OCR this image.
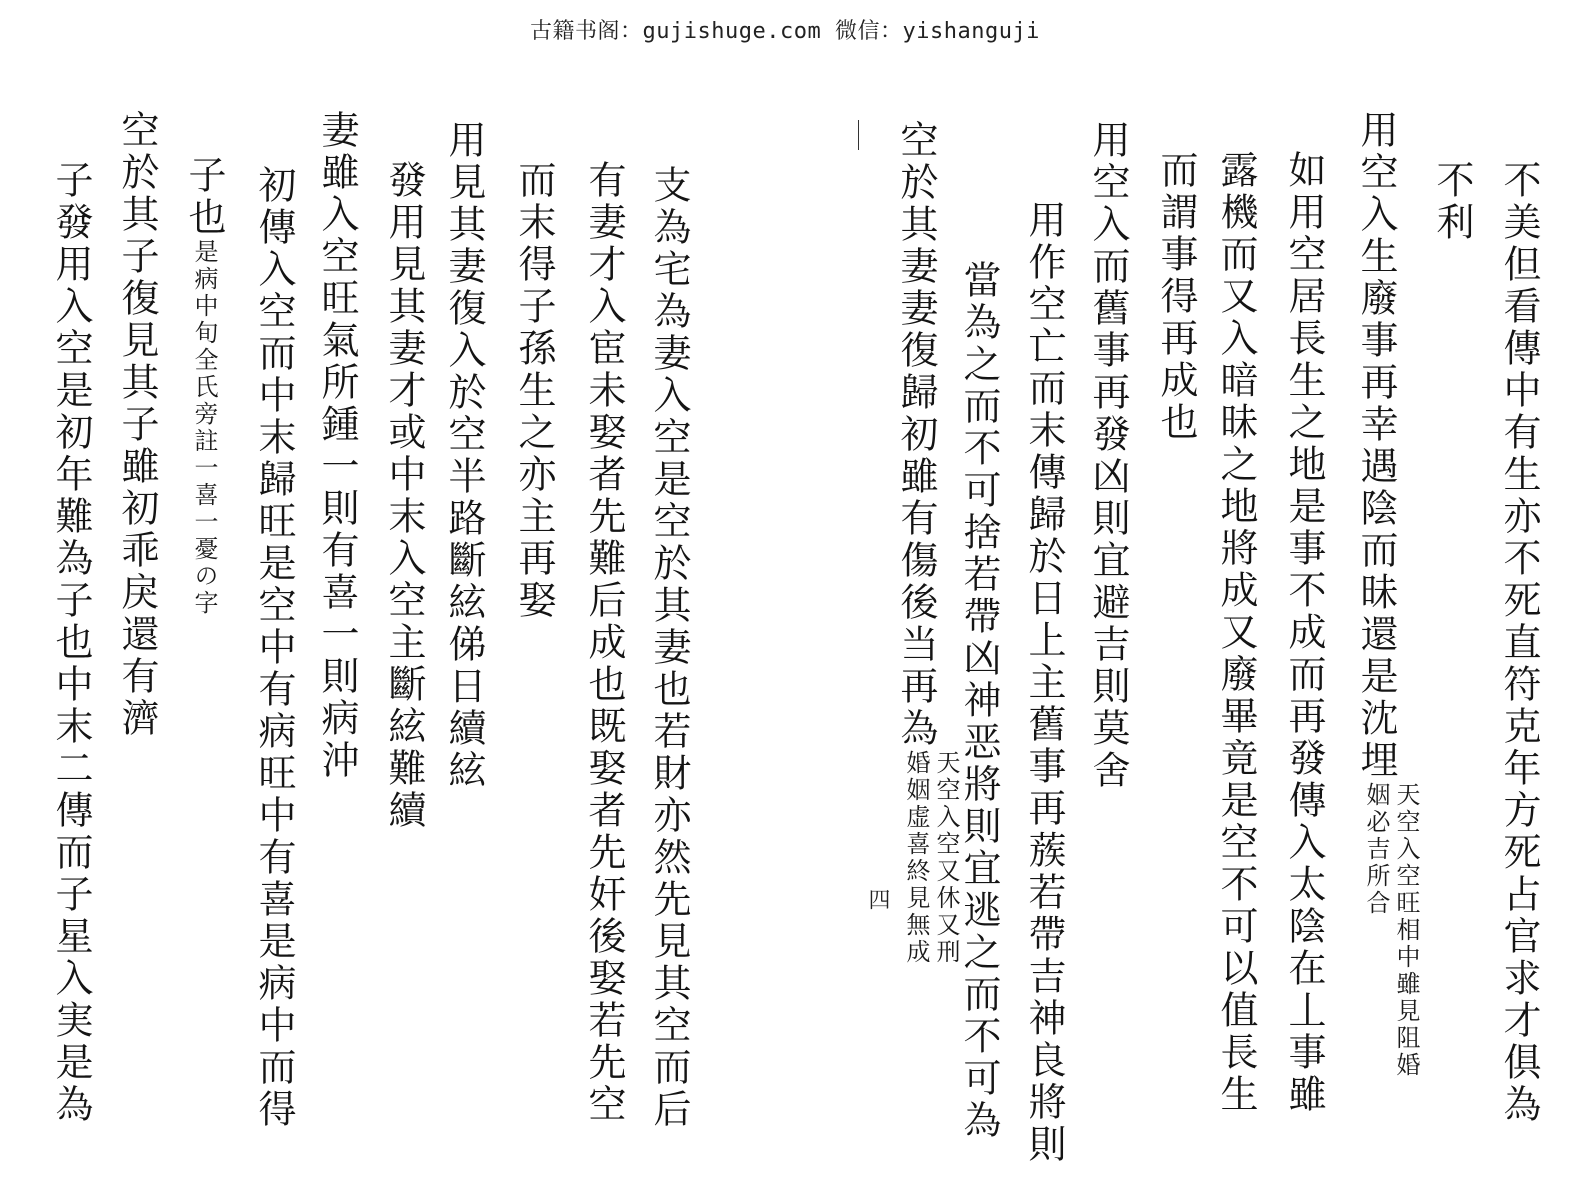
古籍书阁：gujishuge.com 微信：yishanguji
不美但看傳中有生亦不死直符克年方死占官求才俱為
不利
用空入生廢事再幸遇陰而昧還是沈埋天空入空旺相中雖見阻婚姻必吉所合
如用空居長生之地是事不成而再發傳入太陰在丄事雖
露機而又入暗昧之地將成又廢畢竟是空不可以值長生
而謂事得再成也
用空入而舊事再發凶則宜避吉則莫舍
用作空亡而末傳歸於日上主舊事再蔟若帶吉神良將則
當為之而不可捨若帶凶神恶將則宜逃之而不可為
空於其妻妻復歸初雖有傷後当再為天空入空又休又刑婚姻虚喜終見無成
四
支為宅為妻入空是空於其妻也若財亦然先見其空而后
有妻才入宦未娶者先難后成也既娶者先奸後娶若先空
而末得子孫生之亦主再娶
用見其妻復入於空半路斷絃俤日續絃
發用見其妻才或中末入空主斷絃難續
妻雖入空旺氣所鍾一則有喜一則病沖
初傳入空而中末歸旺是空中有病旺中有喜是病中而得
子也是病中旬全氏旁註一喜一憂の字
空於其子復見其子雖初乖戾還有濟
子發用入空是初年難為子也中末二傳而子星入実是為
